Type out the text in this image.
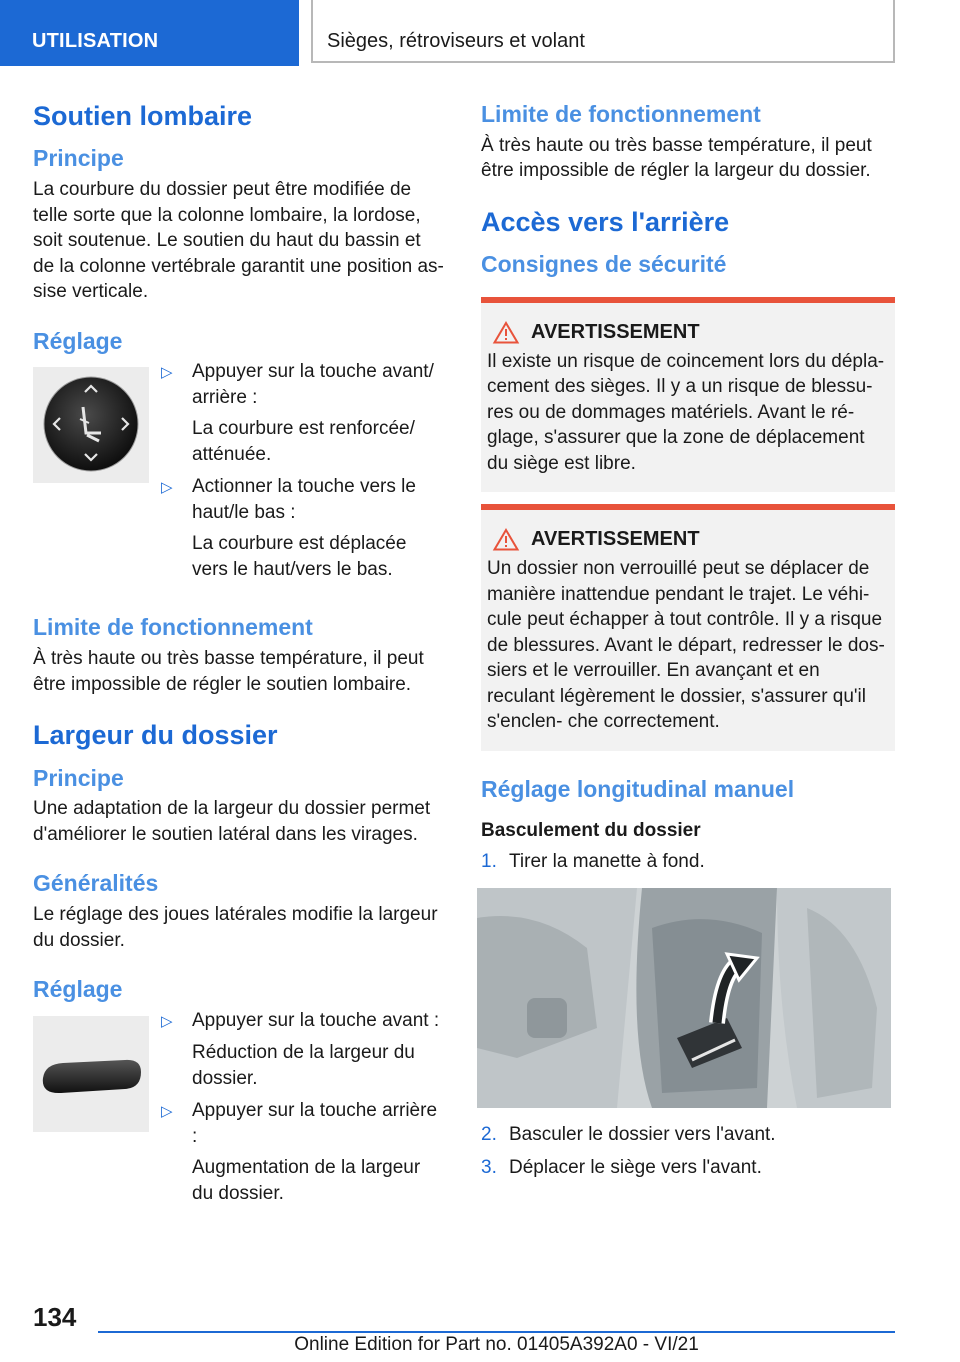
UTILISATION	Sièges, rétroviseurs et volant
Soutien lombaire
Principe

La courbure du dossier peut être modifiée de telle sorte que la colonne lombaire, la lordose, soit soutenue. Le soutien du haut du bassin et de la colonne vertébrale garantit une position as- sise verticale.

Réglage
▷	Appuyer sur la touche avant/ arrière :
La courbure est renforcée/ atténuée.
▷	Actionner la touche vers le haut/le bas :
La courbure est déplacée vers le haut/vers le bas.
Limite de fonctionnement

À très haute ou très basse température, il peut être impossible de régler le soutien lombaire.

Largeur du dossier
Principe

Une adaptation de la largeur du dossier permet d'améliorer le soutien latéral dans les virages.

Généralités

Le réglage des joues latérales modifie la largeur du dossier.

Réglage
▷	Appuyer sur la touche avant :
Réduction de la largeur du dossier.
▷	Appuyer sur la touche arrière :
Augmentation de la largeur du dossier.
Limite de fonctionnement

À très haute ou très basse température, il peut être impossible de régler la largeur du dossier.

Accès vers l'arrière
Consignes de sécurité
AVERTISSEMENT

Il existe un risque de coincement lors du dépla- cement des sièges. Il y a un risque de blessu- res ou de dommages matériels. Avant le ré- glage, s'assurer que la zone de déplacement du siège est libre.

AVERTISSEMENT

Un dossier non verrouillé peut se déplacer de manière inattendue pendant le trajet. Le véhi- cule peut échapper à tout contrôle. Il y a risque de blessures. Avant le départ, redresser le dos- siers et le verrouiller. En avançant et en reculant légèrement le dossier, s'assurer qu'il s'enclen- che correctement.

Réglage longitudinal manuel
Basculement du dossier
1. Tirer la manette à fond.
2. Basculer le dossier vers l'avant.
3. Déplacer le siège vers l'avant.
134
Online Edition for Part no. 01405A392A0 - VI/21
